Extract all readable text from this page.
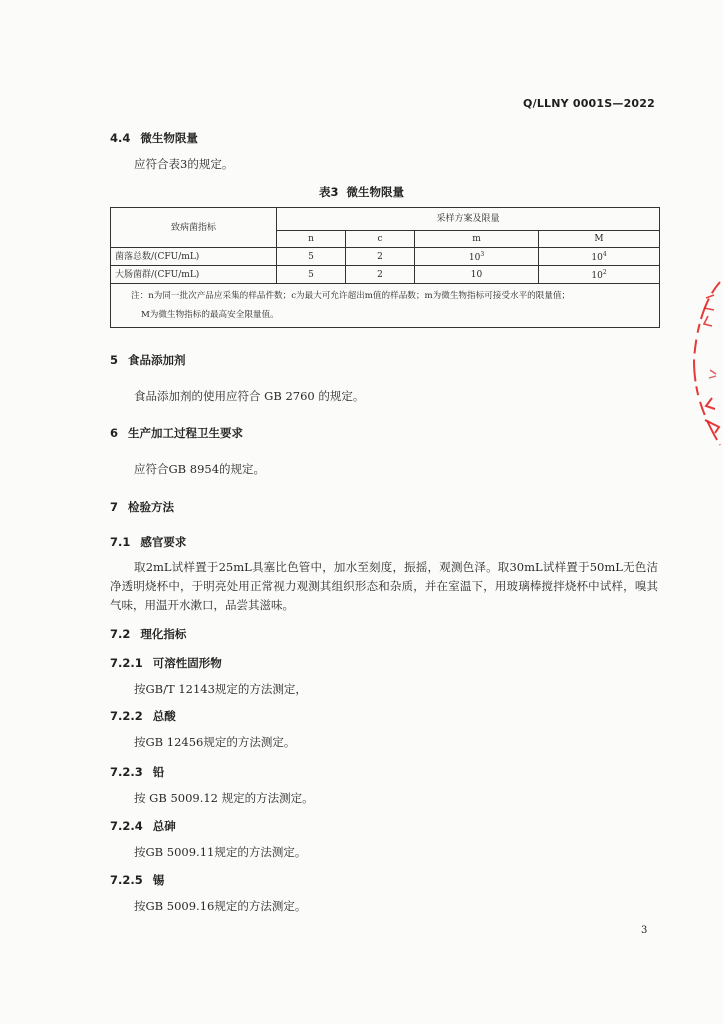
Q/LLNY 0001S—2022
4.4 微生物限量
应符合表3的规定。
表3 微生物限量
致病菌指标	采样方案及限量			
	n	c	m	M
菌落总数/(CFU/mL)	5	2	$10^3$	$10^4$
大肠菌群/(CFU/mL)	5	2	10	$10^2$

注：n为同一批次产品应采集的样品件数；c为最大可允许超出m值的样品数；m为微生物指标可接受水平的限量值；
M为微生物指标的最高安全限量值。				
5 食品添加剂
食品添加剂的使用应符合 GB 2760 的规定。
6 生产加工过程卫生要求
应符合GB 8954的规定。
7 检验方法
7.1 感官要求
取2mL试样置于25mL具塞比色管中，加水至刻度，振摇，观测色泽。取30mL试样置于50mL无色洁净透明烧杯中，于明亮处用正常视力观测其组织形态和杂质，并在室温下，用玻璃棒搅拌烧杯中试样，嗅其气味，用温开水漱口，品尝其滋味。
7.2 理化指标
7.2.1 可溶性固形物
按GB/T 12143规定的方法测定，
7.2.2 总酸
按GB 12456规定的方法测定。
7.2.3 铅
按 GB 5009.12 规定的方法测定。
7.2.4 总砷
按GB 5009.11规定的方法测定。
7.2.5 锡
按GB 5009.16规定的方法测定。
3
